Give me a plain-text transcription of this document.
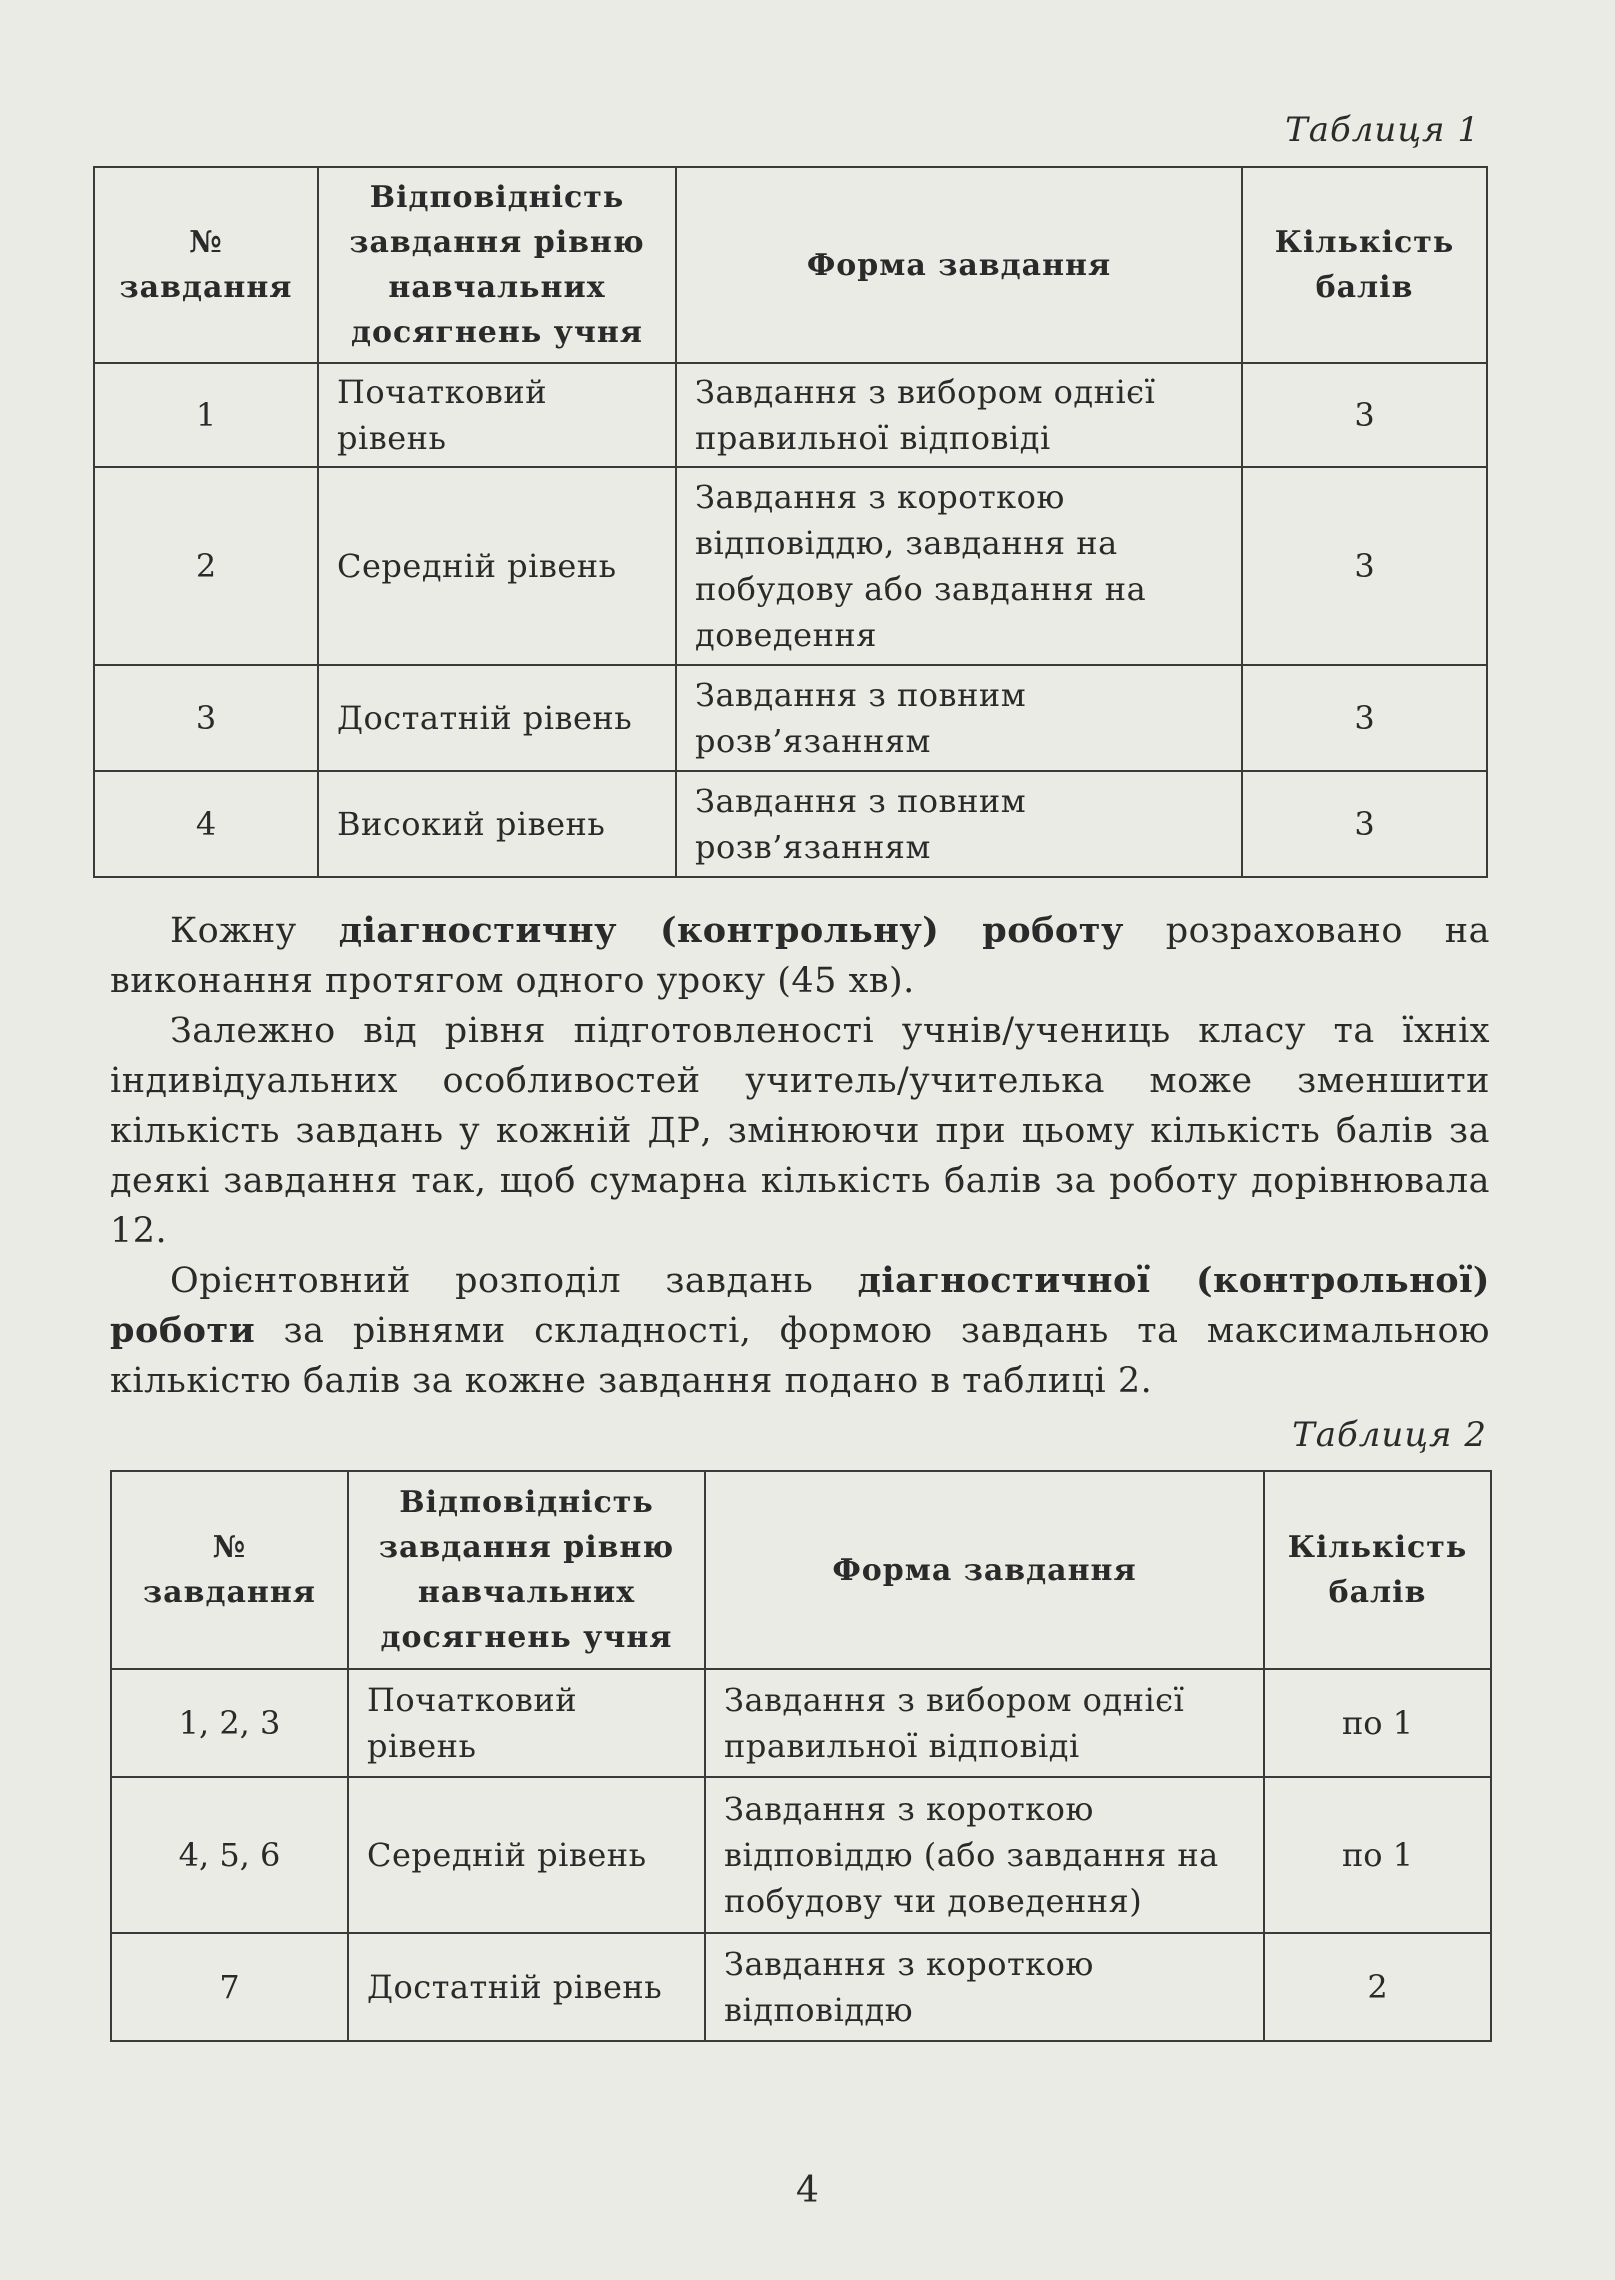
Таблиця 1
№ завдання	Відповідність завдання рівню навчальних досягнень учня	Форма завдання	Кількість балів
1	Початковий рівень	Завдання з вибором однієї правильної відповіді	3
2	Середній рівень	Завдання з короткою відповіддю, завдання на побудову або завдання на доведення	3
3	Достатній рівень	Завдання з повним розв’язанням	3
4	Високий рівень	Завдання з повним розв’язанням	3

Кожну діагностичну (контрольну) роботу розраховано на виконання протягом одного уроку (45 хв).

Залежно від рівня підготовленості учнів/учениць класу та їхніх індивідуальних особливостей учитель/учителька може зменшити кількість завдань у кожній ДР, змінюючи при цьому кількість балів за деякі завдання так, щоб сумарна кількість балів за роботу дорівнювала 12.

Орієнтовний розподіл завдань діагностичної (контрольної) роботи за рівнями складності, формою завдань та максимальною кількістю балів за кожне завдання подано в таблиці 2.

Таблиця 2
№ завдання	Відповідність завдання рівню навчальних досягнень учня	Форма завдання	Кількість балів
1, 2, 3	Початковий рівень	Завдання з вибором однієї правильної відповіді	по 1
4, 5, 6	Середній рівень	Завдання з короткою відповіддю (або завдання на побудову чи доведення)	по 1
7	Достатній рівень	Завдання з короткою відповіддю	2
4
